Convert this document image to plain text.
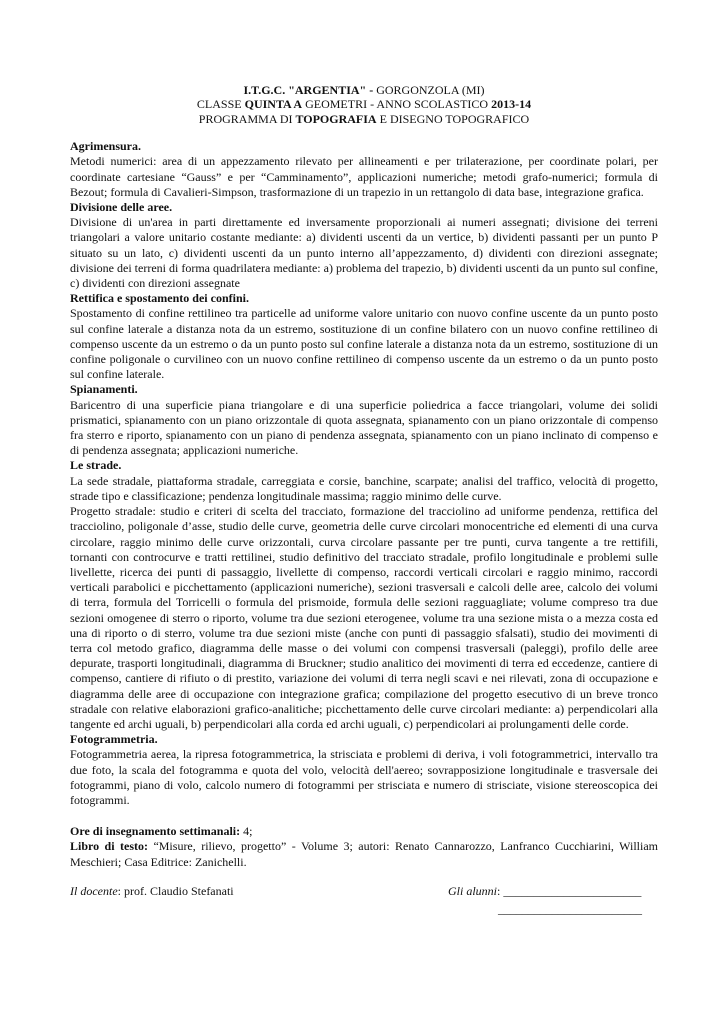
I.T.G.C. "ARGENTIA" - GORGONZOLA (MI)
CLASSE QUINTA A GEOMETRI - ANNO SCOLASTICO 2013-14
PROGRAMMA DI TOPOGRAFIA E DISEGNO TOPOGRAFICO
Agrimensura.
Metodi numerici: area di un appezzamento rilevato per allineamenti e per trilaterazione, per coordinate polari, per coordinate cartesiane “Gauss” e per “Camminamento”, applicazioni numeriche; metodi grafo-numerici; formula di Bezout; formula di Cavalieri-Simpson, trasformazione di un trapezio in un rettangolo di data base, integrazione grafica.
Divisione delle aree.
Divisione di un'area in parti direttamente ed inversamente proporzionali ai numeri assegnati; divisione dei terreni triangolari a valore unitario costante mediante: a) dividenti uscenti da un vertice, b) dividenti passanti per un punto P situato su un lato, c) dividenti uscenti da un punto interno all’appezzamento, d) dividenti con direzioni assegnate; divisione dei terreni di forma quadrilatera mediante: a) problema del trapezio, b) dividenti uscenti da un punto sul confine, c) dividenti con direzioni assegnate
Rettifica e spostamento dei confini.
Spostamento di confine rettilineo tra particelle ad uniforme valore unitario con nuovo confine uscente da un punto posto sul confine laterale a distanza nota da un estremo, sostituzione di un confine bilatero con un nuovo confine rettilineo di compenso uscente da un estremo o da un punto posto sul confine laterale a distanza nota da un estremo, sostituzione di un confine poligonale o curvilineo con un nuovo confine rettilineo di compenso uscente da un estremo o da un punto posto sul confine laterale.
Spianamenti.
Baricentro di una superficie piana triangolare e di una superficie poliedrica a facce triangolari, volume dei solidi prismatici, spianamento con un piano orizzontale di quota assegnata, spianamento con un piano orizzontale di compenso fra sterro e riporto, spianamento con un piano di pendenza assegnata, spianamento con un piano inclinato di compenso e di pendenza assegnata; applicazioni numeriche.
Le strade.
La sede stradale, piattaforma stradale, carreggiata e corsie, banchine, scarpate; analisi del traffico, velocità di progetto, strade tipo e classificazione; pendenza longitudinale massima; raggio minimo delle curve.
Progetto stradale: studio e criteri di scelta del tracciato, formazione del tracciolino ad uniforme pendenza, rettifica del tracciolino, poligonale d’asse, studio delle curve, geometria delle curve circolari monocentriche ed elementi di una curva circolare, raggio minimo delle curve orizzontali, curva circolare passante per tre punti, curva tangente a tre rettifili, tornanti con controcurve e tratti rettilinei, studio definitivo del tracciato stradale, profilo longitudinale e problemi sulle livellette, ricerca dei punti di passaggio, livellette di compenso, raccordi verticali circolari e raggio minimo, raccordi verticali parabolici e picchettamento (applicazioni numeriche), sezioni trasversali e calcoli delle aree, calcolo dei volumi di terra, formula del Torricelli o formula del prismoide, formula delle sezioni ragguagliate; volume compreso tra due sezioni omogenee di sterro o riporto, volume tra due sezioni eterogenee, volume tra una sezione mista o a mezza costa ed una di riporto o di sterro, volume tra due sezioni miste (anche con punti di passaggio sfalsati), studio dei movimenti di terra col metodo grafico, diagramma delle masse o dei volumi con compensi trasversali (paleggi), profilo delle aree depurate, trasporti longitudinali, diagramma di Bruckner; studio analitico dei movimenti di terra ed eccedenze, cantiere di compenso, cantiere di rifiuto o di prestito, variazione dei volumi di terra negli scavi e nei rilevati, zona di occupazione e diagramma delle aree di occupazione con integrazione grafica; compilazione del progetto esecutivo di un breve tronco stradale con relative elaborazioni grafico-analitiche; picchettamento delle curve circolari mediante: a) perpendicolari alla tangente ed archi uguali, b) perpendicolari alla corda ed archi uguali, c) perpendicolari ai prolungamenti delle corde.
Fotogrammetria.
Fotogrammetria aerea, la ripresa fotogrammetrica, la strisciata e problemi di deriva, i voli fotogrammetrici, intervallo tra due foto, la scala del fotogramma e quota del volo, velocità dell'aereo; sovrapposizione longitudinale e trasversale dei fotogrammi, piano di volo, calcolo numero di fotogrammi per strisciata e numero di strisciate, visione stereoscopica dei fotogrammi.
Ore di insegnamento settimanali: 4;
Libro di testo: “Misure, rilievo, progetto” - Volume 3; autori: Renato Cannarozzo, Lanfranco Cucchiarini, William Meschieri; Casa Editrice: Zanichelli.
Il docente: prof. Claudio Stefanati	Gli alunni: _______________________
________________________
